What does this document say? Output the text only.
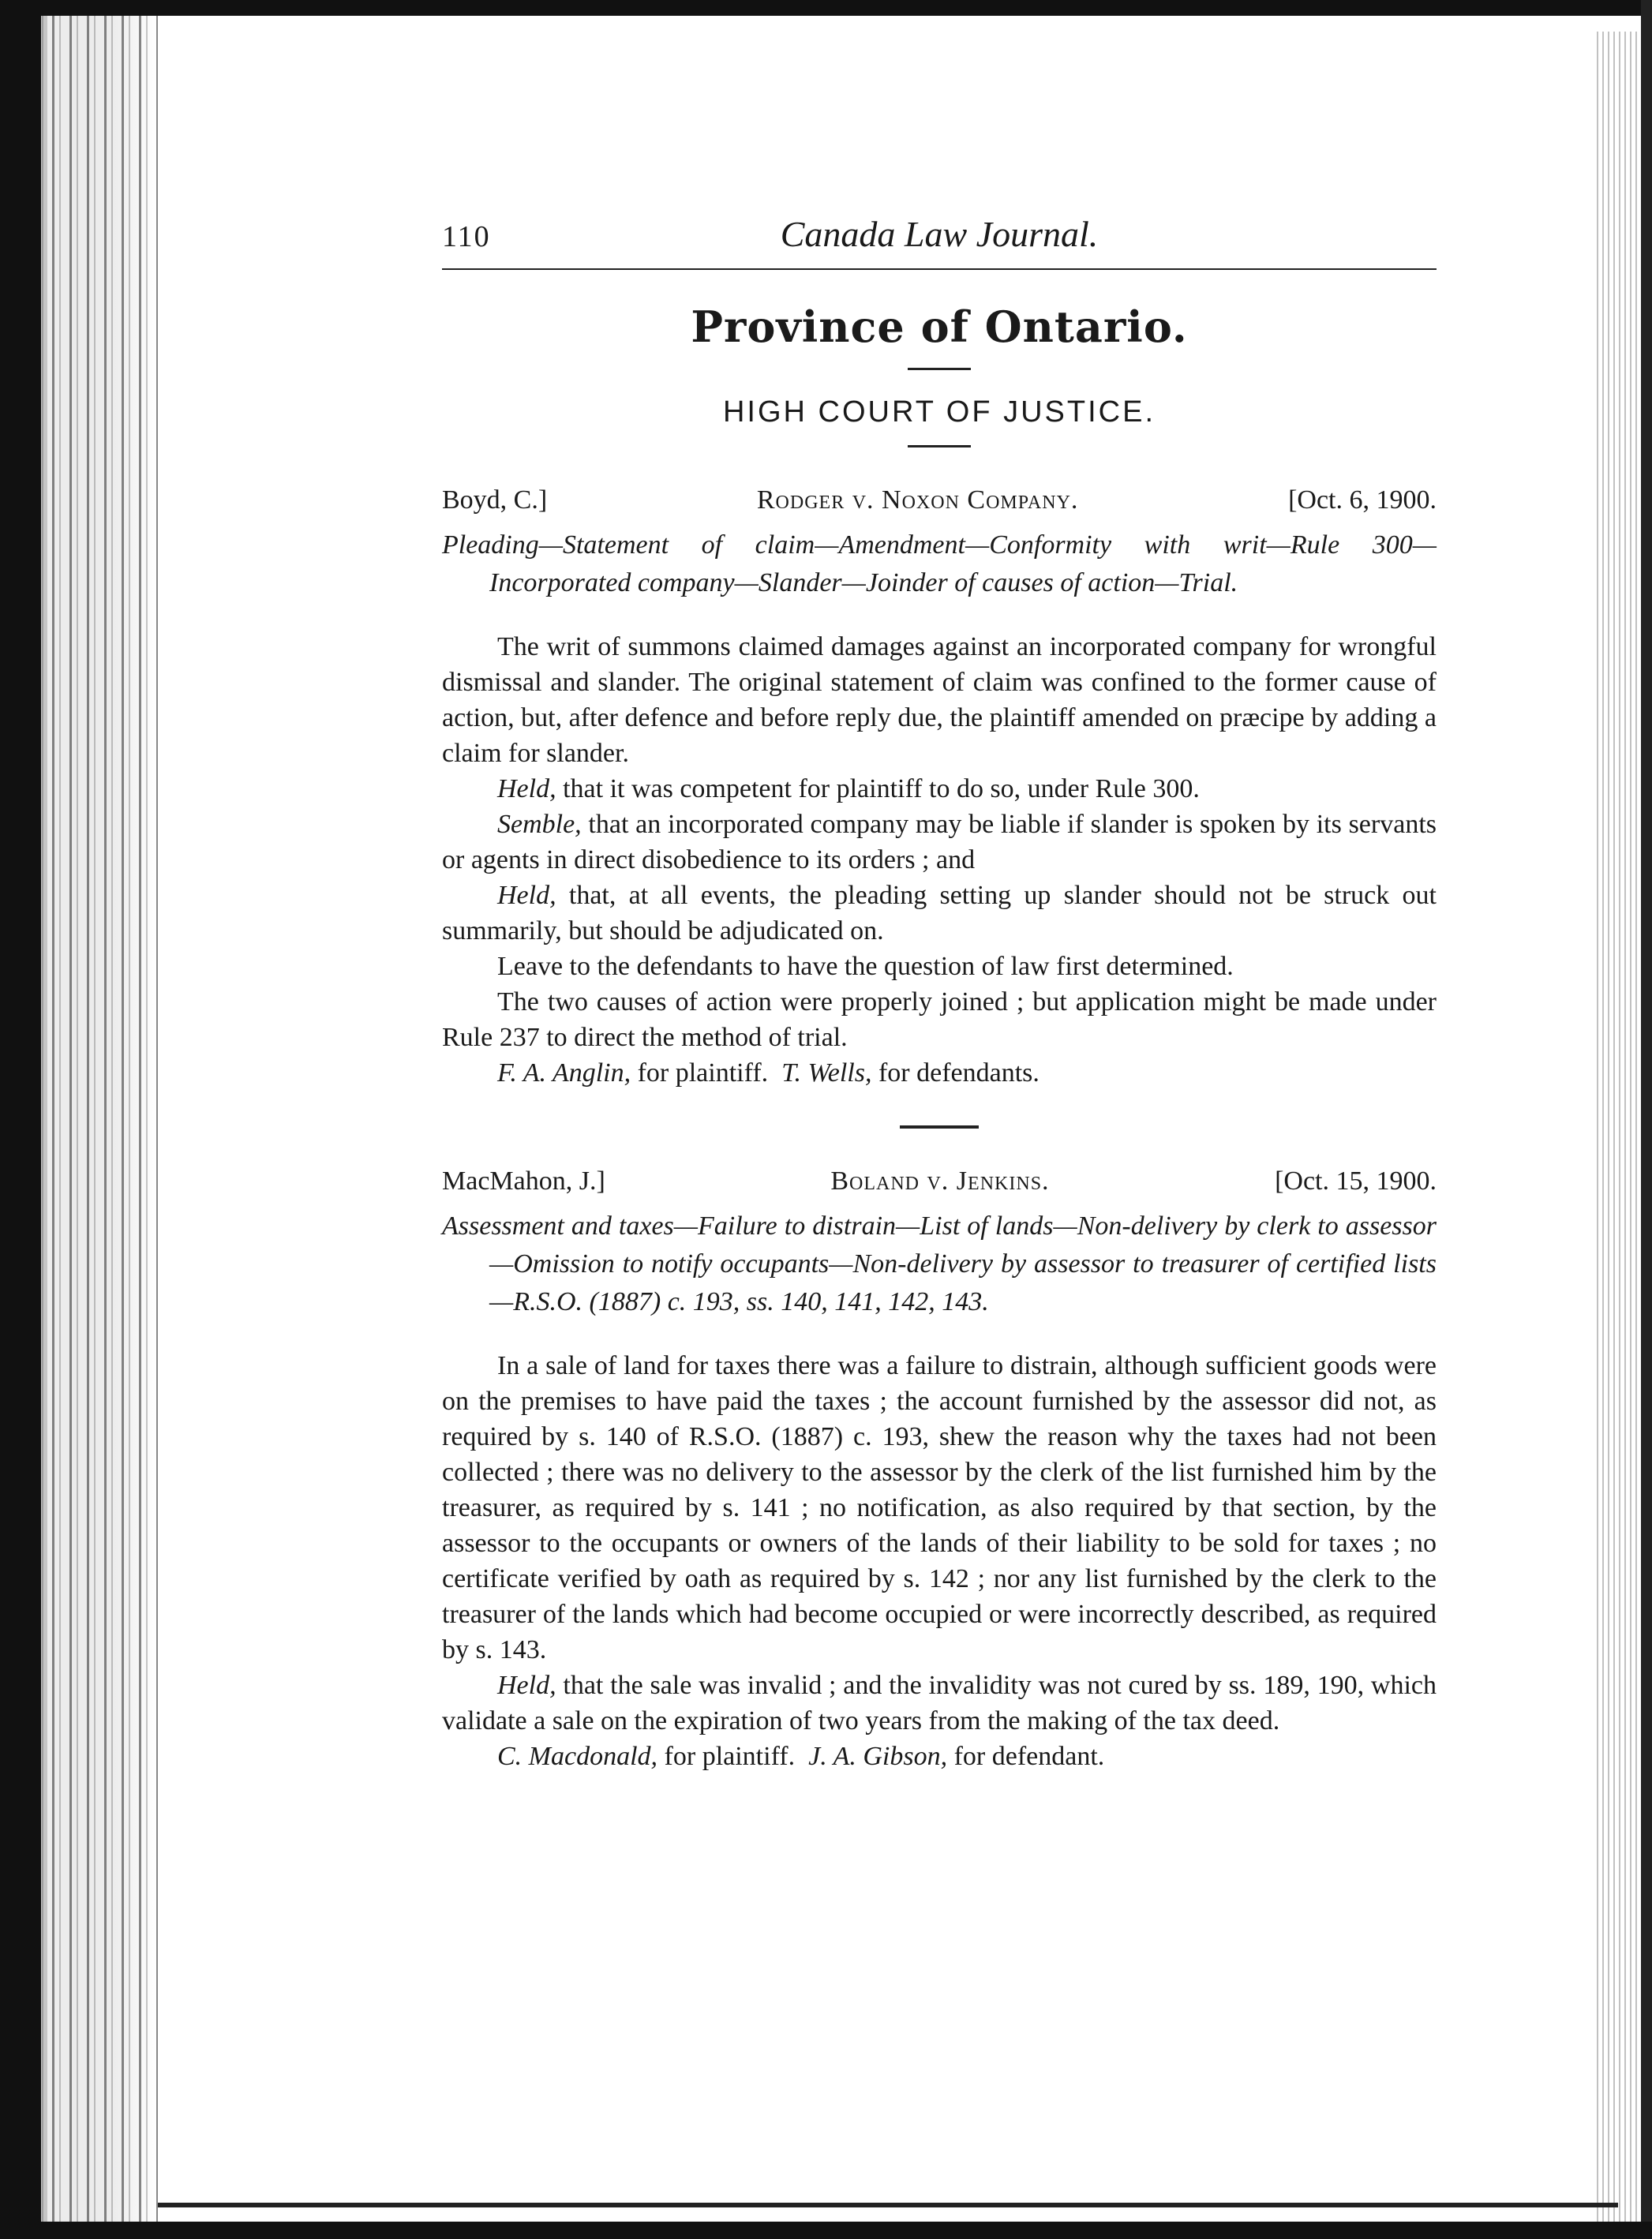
110	Canada Law Journal.
Province of Ontario.
HIGH COURT OF JUSTICE.
Boyd, C.]	Rodger v. Noxon Company.	[Oct. 6, 1900.

Pleading—Statement of claim—Amendment—Conformity with writ—Rule 300—Incorporated company—Slander—Joinder of causes of action—Trial.

The writ of summons claimed damages against an incorporated company for wrongful dismissal and slander. The original statement of claim was confined to the former cause of action, but, after defence and before reply due, the plaintiff amended on præcipe by adding a claim for slander.

Held, that it was competent for plaintiff to do so, under Rule 300.

Semble, that an incorporated company may be liable if slander is spoken by its servants or agents in direct disobedience to its orders ; and

Held, that, at all events, the pleading setting up slander should not be struck out summarily, but should be adjudicated on.

Leave to the defendants to have the question of law first determined.

The two causes of action were properly joined ; but application might be made under Rule 237 to direct the method of trial.

F. A. Anglin, for plaintiff. T. Wells, for defendants.

MacMahon, J.]	Boland v. Jenkins.	[Oct. 15, 1900.

Assessment and taxes—Failure to distrain—List of lands—Non-delivery by clerk to assessor—Omission to notify occupants—Non-delivery by assessor to treasurer of certified lists—R.S.O. (1887) c. 193, ss. 140, 141, 142, 143.

In a sale of land for taxes there was a failure to distrain, although sufficient goods were on the premises to have paid the taxes ; the account furnished by the assessor did not, as required by s. 140 of R.S.O. (1887) c. 193, shew the reason why the taxes had not been collected ; there was no delivery to the assessor by the clerk of the list furnished him by the treasurer, as required by s. 141 ; no notification, as also required by that section, by the assessor to the occupants or owners of the lands of their liability to be sold for taxes ; no certificate verified by oath as required by s. 142 ; nor any list furnished by the clerk to the treasurer of the lands which had become occupied or were incorrectly described, as required by s. 143.

Held, that the sale was invalid ; and the invalidity was not cured by ss. 189, 190, which validate a sale on the expiration of two years from the making of the tax deed.

C. Macdonald, for plaintiff. J. A. Gibson, for defendant.
